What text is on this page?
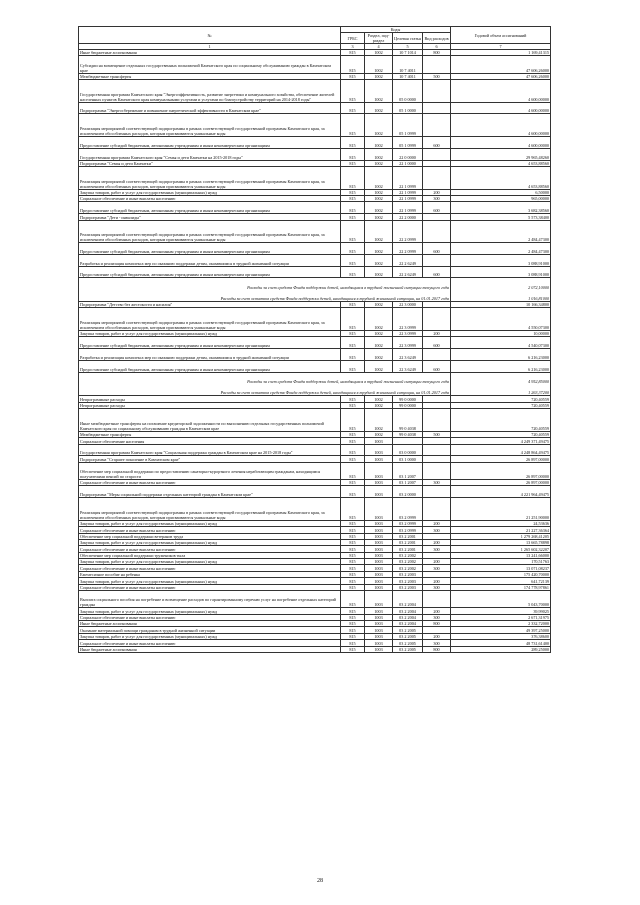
№	Коды				Годовой объем ассигнований
	ГРБС	Раздел, под-раздел	Целевая статья	Вид расходов	
1	3	4	5	6	7
Иные бюджетные ассигнования	815	1002	10 7 1014	800	1 169,41315
Субсидии на возмещение отдельных государственных полномочий Камчатского края по социальному обслуживанию граждан в Камчатском крае	815	1002	10 7 4011		47 606,26000
Межбюджетные трансферты	815	1002	10 7 4011	500	47 606,26000
Государственная программа Камчатского края "Энергоэффективность, развитие энергетики и коммунального хозяйства, обеспечение жителей населенных пунктов Камчатского края коммунальными услугами и услугами по благоустройству территорий на 2014-2018 годы"	815	1002	05 0 0000		4 600,00000
Подпрограмма "Энергосбережение и повышение энергетической эффективности в Камчатском крае"	815	1002	05 1 0000		4 600,00000
Реализация мероприятий соответствующей подпрограммы в рамках соответствующей государственной программы Камчатского края, за исключением обособленных расходов, которым присваиваются уникальные коды	815	1002	05 1 0999		4 600,00000
Предоставление субсидий бюджетным, автономным учреждениям и иным некоммерческим организациям	815	1002	05 1 0999	600	4 600,00000
Государственная программа Камчатского края "Семья и дети Камчатки на 2015-2018 годы"	815	1002	22 0 0000		29 965,48260
Подпрограмма "Семья и дети Камчатки"	815	1002	22 1 0000		4 653,88560
Реализация мероприятий соответствующей подпрограммы в рамках соответствующей государственной программы Камчатского края, за исключением обособленных расходов, которым присваиваются уникальные коды	815	1002	22 1 0999		4 653,88560
Закупка товаров, работ и услуг для государственных (муниципальных) нужд	815	1002	22 1 0999	200	6,50000
Социальное обеспечение и иные выплаты населению	815	1002	22 1 0999	300	965,00000
Предоставление субсидий бюджетным, автономным учреждениям и иным некоммерческим организациям	815	1002	22 1 0999	600	3 682,38560
Подпрограмма "Дети - инвалиды"	815	1002	22 2 0000		5 573,38400
Реализация мероприятий соответствующей подпрограммы в рамках соответствующей государственной программы Камчатского края, за исключением обособленных расходов, которым присваиваются уникальные коды	815	1002	22 2 0999		2 484,47300
Предоставление субсидий бюджетным, автономным учреждениям и иным некоммерческим организациям	815	1002	22 2 0999	600	2 484,47300
Разработка и реализация комплекса мер по оказанию поддержки детям, оказавшимся в трудной жизненной ситуации	815	1002	22 2 6249		3 088,91000
Предоставление субсидий бюджетным, автономным учреждениям и иным некоммерческим организациям	815	1002	22 2 6249	600	3 088,91000
Расходы за счет средств Фонда поддержки детей, находящихся в трудной жизненной ситуации текущего года					2 072,10000
Расходы за счет остатков средств Фонда поддержки детей, находящихся в трудной жизненной ситуации, на 01.01.2017 года					1 016,81000
Подпрограмма "Детство без жестокости и насилия"	815	1002	22 3 0000		10 166,34800
Реализация мероприятий соответствующей подпрограммы в рамках соответствующей государственной программы Камчатского края, за исключением обособленных расходов, которым присваиваются уникальные коды	815	1002	22 3 0999		4 550,07300
Закупка товаров, работ и услуг для государственных (муниципальных) нужд	815	1002	22 3 0999	200	10,00000
Предоставление субсидий бюджетным, автономным учреждениям и иным некоммерческим организациям	815	1002	22 3 0999	600	4 540,07300
Разработка и реализация комплекса мер по оказанию поддержки детям, оказавшимся в трудной жизненной ситуации	815	1002	22 3 6249		6 216,23000
Предоставление субсидий бюджетным, автономным учреждениям и иным некоммерческим организациям	815	1002	22 3 6249	600	6 216,23000
Расходы за счет средств Фонда поддержки детей, находящихся в трудной жизненной ситуации текущего года					4 952,85000
Расходы за счет остатков средств Фонда поддержки детей, находящихся в трудной жизненной ситуации, на 01.01.2017 года					1 263,37200
Непрограммные расходы	815	1002	99 0 0000		720,40559
Непрограммные расходы	815	1002	99 0 0000		720,40559
Иные межбюджетные трансферты на погашение кредиторской задолженности по выполнению отдельных государственных полномочий Камчатского края по социальному обслуживанию граждан в Камчатском крае	815	1002	99 0 4038		720,40559
Межбюджетные трансферты	815	1002	99 0 4038	500	720,40559
Социальное обеспечение населения	815	1003			4 249 371,49475
Государственная программа Камчатского края "Социальная поддержка граждан в Камчатском крае на 2015-2018 годы"	815	1003	03 0 0000		4 248 864,49475
Подпрограмма "Старшее поколение в Камчатском крае"	815	1003	03 1 0000		26 897,00000
Обеспечение мер социальной поддержки по предоставлению санаторно-курортного лечения неработающим гражданам, находящимся получателями пенсий по старости	815	1003	03 1 2007		26 897,00000
Социальное обеспечение и иные выплаты населению	815	1003	03 1 2007	300	26 897,00000
Подпрограмма "Меры социальной поддержки отдельных категорий граждан в Камчатском крае"	815	1003	03 2 0000		4 221 964,49475
Реализация мероприятий соответствующей подпрограммы в рамках соответствующей государственной программы Камчатского края, за исключением обособленных расходов, которым присваиваются уникальные коды	815	1003	03 2 0999		21 251,90000
Закупка товаров, работ и услуг для государственных (муниципальных) нужд	815	1003	03 2 0999	200	24,53636
Социальное обеспечение и иные выплаты населению	815	1003	03 2 0999	300	21 227,36364
Обеспечение мер социальной поддержки ветеранов труда	815	1003	03 2 2001		1 279 268,41205
Закупка товаров, работ и услуг для государственных (муниципальных) нужд	815	1003	03 2 2001	200	13 665,78898
Социальное обеспечение и иные выплаты населению	815	1003	03 2 2001	300	1 265 602,32207
Обеспечение мер социальной поддержки тружеников тыла	815	1003	03 2 2002		13 241,66000
Закупка товаров, работ и услуг для государственных (муниципальных) нужд	815	1003	03 2 2002	200	170,51763
Социальное обеспечение и иные выплаты населению	815	1003	03 2 2002	300	13 071,08237
Ежемесячное пособие на ребенка	815	1003	03 2 2003		175 420,70000
Закупка товаров, работ и услуг для государственных (муниципальных) нужд	815	1003	03 2 2003	200	641,72139
Социальное обеспечение и иные выплаты населению	815	1003	03 2 2003	300	174 778,97861
Выплата социального пособия на погребение и возмещение расходов по гарантированному перечню услуг на погребение отдельных категорий граждан	815	1003	03 2 2004		5 043,70000
Закупка товаров, работ и услуг для государственных (муниципальных) нужд	815	1003	03 2 2004	200	39,99025
Социальное обеспечение и иные выплаты населению	815	1003	03 2 2004	300	2 671,31975
Иные бюджетные ассигнования	815	1003	03 2 2004	800	2 332,72000
Оказание материальной помощи гражданам в трудной жизненной ситуации	815	1003	03 2 2005		49 397,25000
Закупка товаров, работ и услуг для государственных (муниципальных) нужд	815	1003	03 2 2005	200	376,38600
Социальное обеспечение и иные выплаты населению	815	1003	03 2 2005	300	48 731,61400
Иные бюджетные ассигнования	815	1003	03 2 2005	800	289,25000
28
